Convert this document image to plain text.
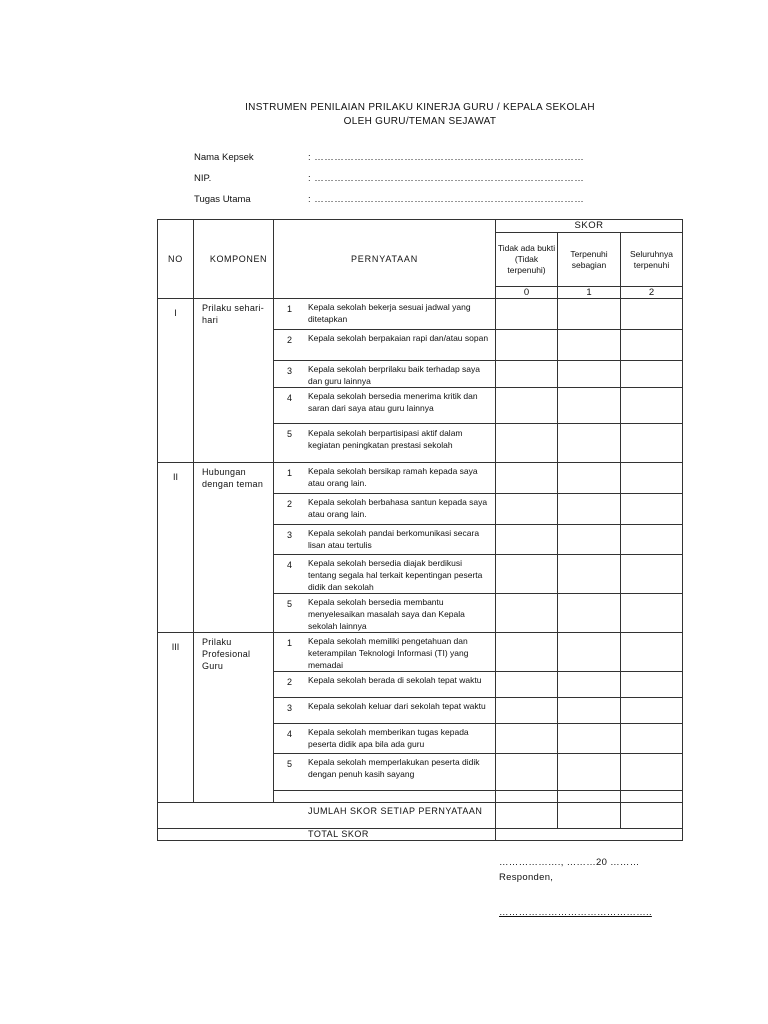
INSTRUMEN PENILAIAN PRILAKU KINERJA GURU / KEPALA SEKOLAH
OLEH GURU/TEMAN SEJAWAT
Nama Kepsek	: ………………………………………………………………………
NIP.	: ………………………………………………………………………
Tugas Utama	: ………………………………………………………………………
NO	KOMPONEN	PERNYATAAN	SKOR		
			Tidak ada bukti (Tidak terpenuhi)	Terpenuhi sebagian	Seluruhnya terpenuhi
			0	1	2
I	Prilaku sehari-hari	1 Kepala sekolah bekerja sesuai jadwal yang ditetapkan			

		2 Kepala sekolah berpakaian rapi dan/atau sopan			

		3 Kepala sekolah berprilaku baik terhadap saya dan guru lainnya			

		4 Kepala sekolah bersedia menerima kritik dan saran dari saya atau guru lainnya			

		5 Kepala sekolah berpartisipasi aktif dalam kegiatan peningkatan prestasi sekolah			
II	Hubungan dengan teman	1 Kepala sekolah bersikap ramah kepada saya atau orang lain.			

		2 Kepala sekolah berbahasa santun kepada saya atau orang lain.			

		3 Kepala sekolah pandai berkomunikasi secara lisan atau tertulis			

		4 Kepala sekolah bersedia diajak berdikusi tentang segala hal terkait kepentingan peserta didik dan sekolah			

		5 Kepala sekolah bersedia membantu menyelesaikan masalah saya dan Kepala sekolah lainnya			
III	Prilaku Profesional Guru	1 Kepala sekolah memiliki pengetahuan dan keterampilan Teknologi Informasi (TI) yang memadai			

		2 Kepala sekolah berada di sekolah tepat waktu			

		3 Kepala sekolah keluar dari sekolah tepat waktu			

		4 Kepala sekolah memberikan tugas kepada peserta didik apa bila ada guru			

		5 Kepala sekolah memperlakukan peserta didik dengan penuh kasih sayang			

JUMLAH SKOR SETIAP PERNYATAAN					
TOTAL SKOR					
………………., ………20 ………
Responden,
………………………………………..
